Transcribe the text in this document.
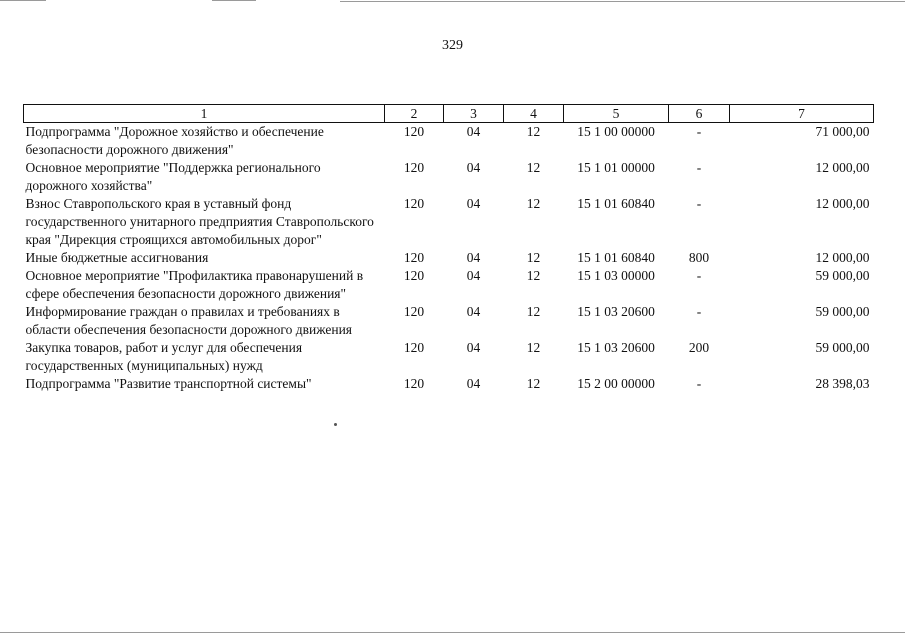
329
1	2	3	4	5	6	7
Подпрограмма "Дорожное хозяйство и обеспечение безопасности дорожного движения"	120	04	12	15 1 00 00000	-	71 000,00
Основное мероприятие "Поддержка регионального дорожного хозяйства"	120	04	12	15 1 01 00000	-	12 000,00
Взнос Ставропольского края в уставный фонд государственного унитарного предприятия Ставропольского края "Дирекция строящихся автомобильных дорог"	120	04	12	15 1 01 60840	-	12 000,00
Иные бюджетные ассигнования	120	04	12	15 1 01 60840	800	12 000,00
Основное мероприятие "Профилактика правонарушений в сфере обеспечения безопасности дорожного движения"	120	04	12	15 1 03 00000	-	59 000,00
Информирование граждан о правилах и требованиях в области обеспечения безопасности дорожного движения	120	04	12	15 1 03 20600	-	59 000,00
Закупка товаров, работ и услуг для обеспечения государственных (муниципальных) нужд	120	04	12	15 1 03 20600	200	59 000,00
Подпрограмма "Развитие транспортной системы"	120	04	12	15 2 00 00000	-	28 398,03
